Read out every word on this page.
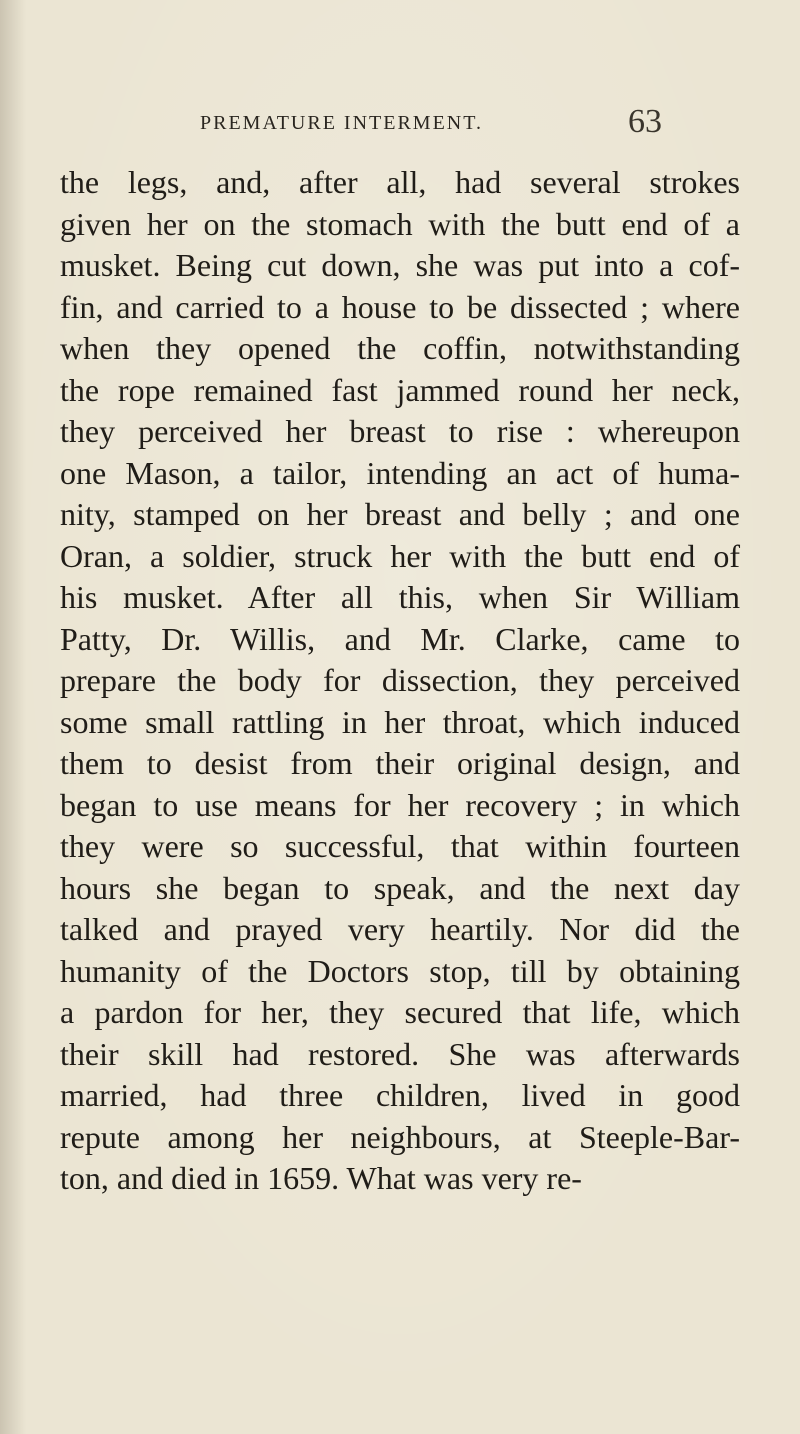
PREMATURE INTERMENT.	63
the legs, and, after all, had several strokes
given her on the stomach with the butt end of a
musket. Being cut down, she was put into a cof-
fin, and carried to a house to be dissected ; where
when they opened the coffin, notwithstanding
the rope remained fast jammed round her neck,
they perceived her breast to rise : whereupon
one Mason, a tailor, intending an act of huma-
nity, stamped on her breast and belly ; and one
Oran, a soldier, struck her with the butt end of
his musket. After all this, when Sir William
Patty, Dr. Willis, and Mr. Clarke, came to
prepare the body for dissection, they perceived
some small rattling in her throat, which induced
them to desist from their original design, and
began to use means for her recovery ; in which
they were so successful, that within fourteen
hours she began to speak, and the next day
talked and prayed very heartily. Nor did the
humanity of the Doctors stop, till by obtaining
a pardon for her, they secured that life, which
their skill had restored. She was afterwards
married, had three children, lived in good
repute among her neighbours, at Steeple-Bar-
ton, and died in 1659. What was very re-
